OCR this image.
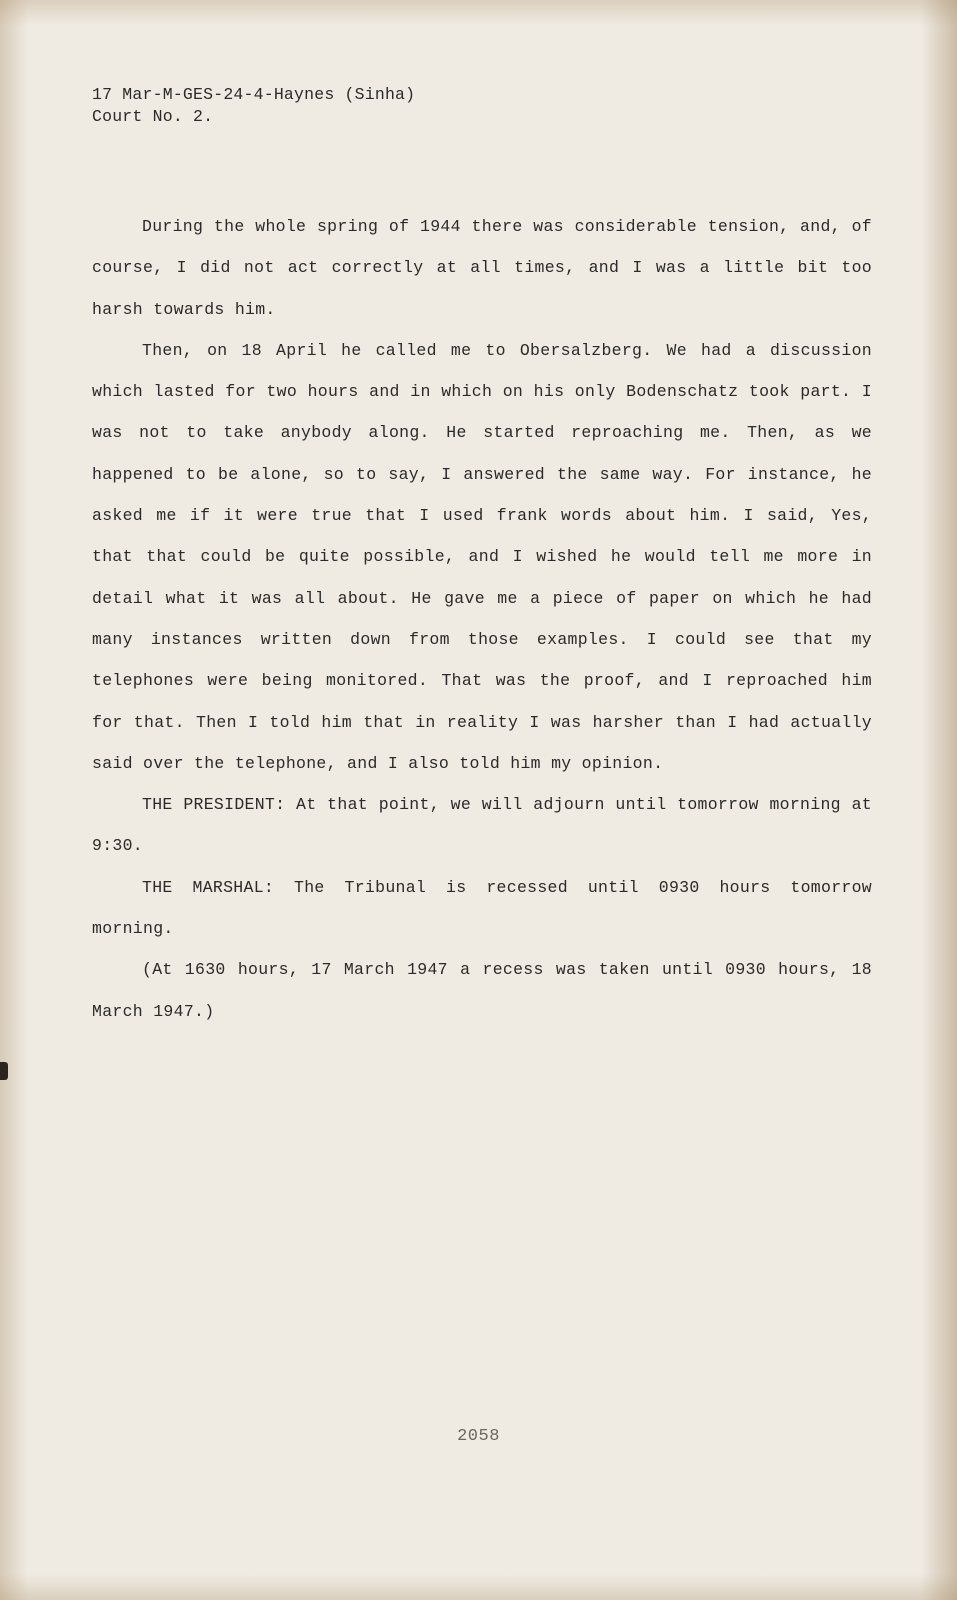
17 Mar-M-GES-24-4-Haynes (Sinha)
Court No. 2.

During the whole spring of 1944 there was considerable tension, and, of course, I did not act correctly at all times, and I was a little bit too harsh towards him.

Then, on 18 April he called me to Obersalzberg. We had a discussion which lasted for two hours and in which on his only Bodenschatz took part. I was not to take anybody along. He started reproaching me. Then, as we happened to be alone, so to say, I answered the same way. For instance, he asked me if it were true that I used frank words about him. I said, Yes, that that could be quite possible, and I wished he would tell me more in detail what it was all about. He gave me a piece of paper on which he had many instances written down from those examples. I could see that my telephones were being monitored. That was the proof, and I reproached him for that. Then I told him that in reality I was harsher than I had actually said over the telephone, and I also told him my opinion.

THE PRESIDENT: At that point, we will adjourn until tomorrow morning at 9:30.

THE MARSHAL: The Tribunal is recessed until 0930 hours tomorrow morning.

(At 1630 hours, 17 March 1947 a recess was taken until 0930 hours, 18 March 1947.)

2058
